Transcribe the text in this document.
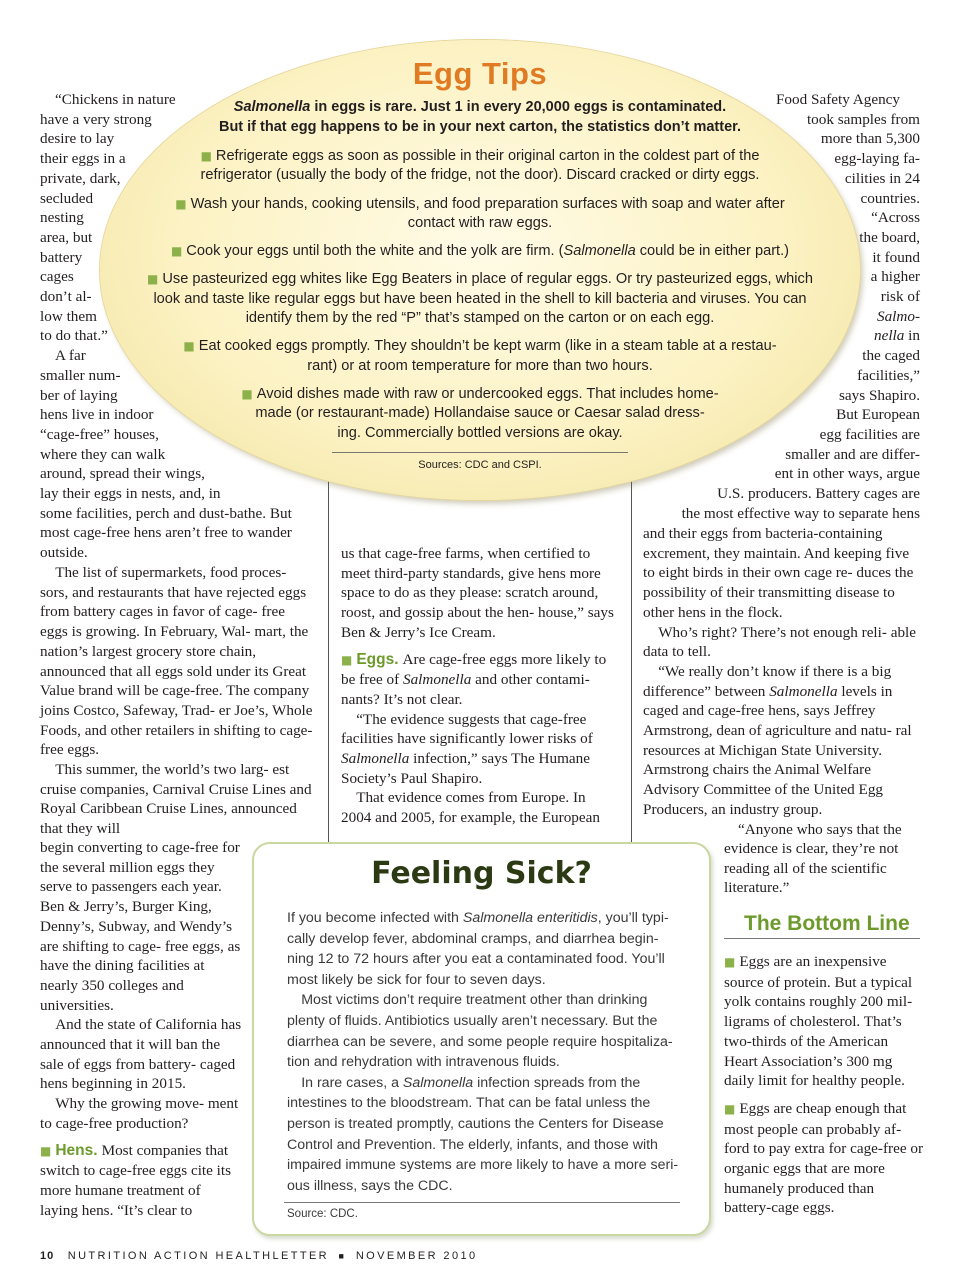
“Chickens in nature
have a very strong
desire to lay
their eggs in a
private, dark,
secluded
nesting
area, but
battery
cages
don’t al-
low them
to do that.”
A far
smaller num-
ber of laying
hens live in indoor
“cage-free” houses,
where they can walk
around, spread their wings,
lay their eggs in nests, and, in
some facilities, perch and dust-bathe. But
most cage-free hens aren’t free to wander
outside.

The list of supermarkets, food proces- sors, and restaurants that have rejected eggs from battery cages in favor of cage- free eggs is growing. In February, Wal- mart, the nation’s largest grocery store chain, announced that all eggs sold under its Great Value brand will be cage-free. The company joins Costco, Safeway, Trad- er Joe’s, Whole Foods, and other retailers in shifting to cage-free eggs.

This summer, the world’s two larg- est cruise companies, Carnival Cruise Lines and Royal Caribbean Cruise Lines, announced that they will

begin converting to cage-free for the several million eggs they serve to passengers each year. Ben & Jerry’s, Burger King, Denny’s, Subway, and Wendy’s are shifting to cage- free eggs, as have the dining facilities at nearly 350 colleges and universities.

And the state of California has announced that it will ban the sale of eggs from battery- caged hens beginning in 2015.

Why the growing move- ment to cage-free production?

■ Hens. Most companies that switch to cage-free eggs cite its more humane treatment of laying hens. “It’s clear to

us that cage-free farms, when certified to meet third-party standards, give hens more space to do as they please: scratch around, roost, and gossip about the hen- house,” says Ben & Jerry’s Ice Cream.

■ Eggs. Are cage-free eggs more likely to be free of Salmonella and other contami- nants? It’s not clear.

“The evidence suggests that cage-free facilities have significantly lower risks of Salmonella infection,” says The Humane Society’s Paul Shapiro.

That evidence comes from Europe. In 2004 and 2005, for example, the European

Food Safety Agency
took samples from
more than 5,300
egg-laying fa-
cilities in 24
countries.
“Across
the board,
it found
a higher
risk of
Salmo-
nella in
the caged
facilities,”
says Shapiro.
But European
egg facilities are
smaller and are differ-
ent in other ways, argue
U.S. producers. Battery cages are
the most effective way to separate hens

and their eggs from bacteria-containing excrement, they maintain. And keeping five to eight birds in their own cage re- duces the possibility of their transmitting disease to other hens in the flock.

Who’s right? There’s not enough reli- able data to tell.

“We really don’t know if there is a big difference” between Salmonella levels in caged and cage-free hens, says Jeffrey Armstrong, dean of agriculture and natu- ral resources at Michigan State University. Armstrong chairs the Animal Welfare Advisory Committee of the United Egg Producers, an industry group.

“Anyone who says that the

evidence is clear, they’re not reading all of the scientific literature.”

The Bottom Line

■ Eggs are an inexpensive source of protein. But a typical yolk contains roughly 200 mil- ligrams of cholesterol. That’s two-thirds of the American Heart Association’s 300 mg daily limit for healthy people.

■ Eggs are cheap enough that most people can probably af- ford to pay extra for cage-free or organic eggs that are more humanely produced than battery-cage eggs.

Egg Tips
Salmonella in eggs is rare. Just 1 in every 20,000 eggs is contaminated.
But if that egg happens to be in your next carton, the statistics don’t matter.
■ Refrigerate eggs as soon as possible in their original carton in the coldest part of the
refrigerator (usually the body of the fridge, not the door). Discard cracked or dirty eggs.
■ Wash your hands, cooking utensils, and food preparation surfaces with soap and water after
contact with raw eggs.
■ Cook your eggs until both the white and the yolk are firm. (Salmonella could be in either part.)
■ Use pasteurized egg whites like Egg Beaters in place of regular eggs. Or try pasteurized eggs, which
look and taste like regular eggs but have been heated in the shell to kill bacteria and viruses. You can
identify them by the red “P” that’s stamped on the carton or on each egg.
■ Eat cooked eggs promptly. They shouldn’t be kept warm (like in a steam table at a restau-
rant) or at room temperature for more than two hours.
■ Avoid dishes made with raw or undercooked eggs. That includes home-
made (or restaurant-made) Hollandaise sauce or Caesar salad dress-
ing. Commercially bottled versions are okay.
Sources: CDC and CSPI.
Feeling Sick?

If you become infected with Salmonella enteritidis, you’ll typi- cally develop fever, abdominal cramps, and diarrhea begin- ning 12 to 72 hours after you eat a contaminated food. You’ll most likely be sick for four to seven days.

Most victims don’t require treatment other than drinking plenty of fluids. Antibiotics usually aren’t necessary. But the diarrhea can be severe, and some people require hospitaliza- tion and rehydration with intravenous fluids.

In rare cases, a Salmonella infection spreads from the intestines to the bloodstream. That can be fatal unless the person is treated promptly, cautions the Centers for Disease Control and Prevention. The elderly, infants, and those with impaired immune systems are more likely to have a more seri- ous illness, says the CDC.

Source: CDC.
10 NUTRITION ACTION HEALTHLETTER ■ NOVEMBER 2010
